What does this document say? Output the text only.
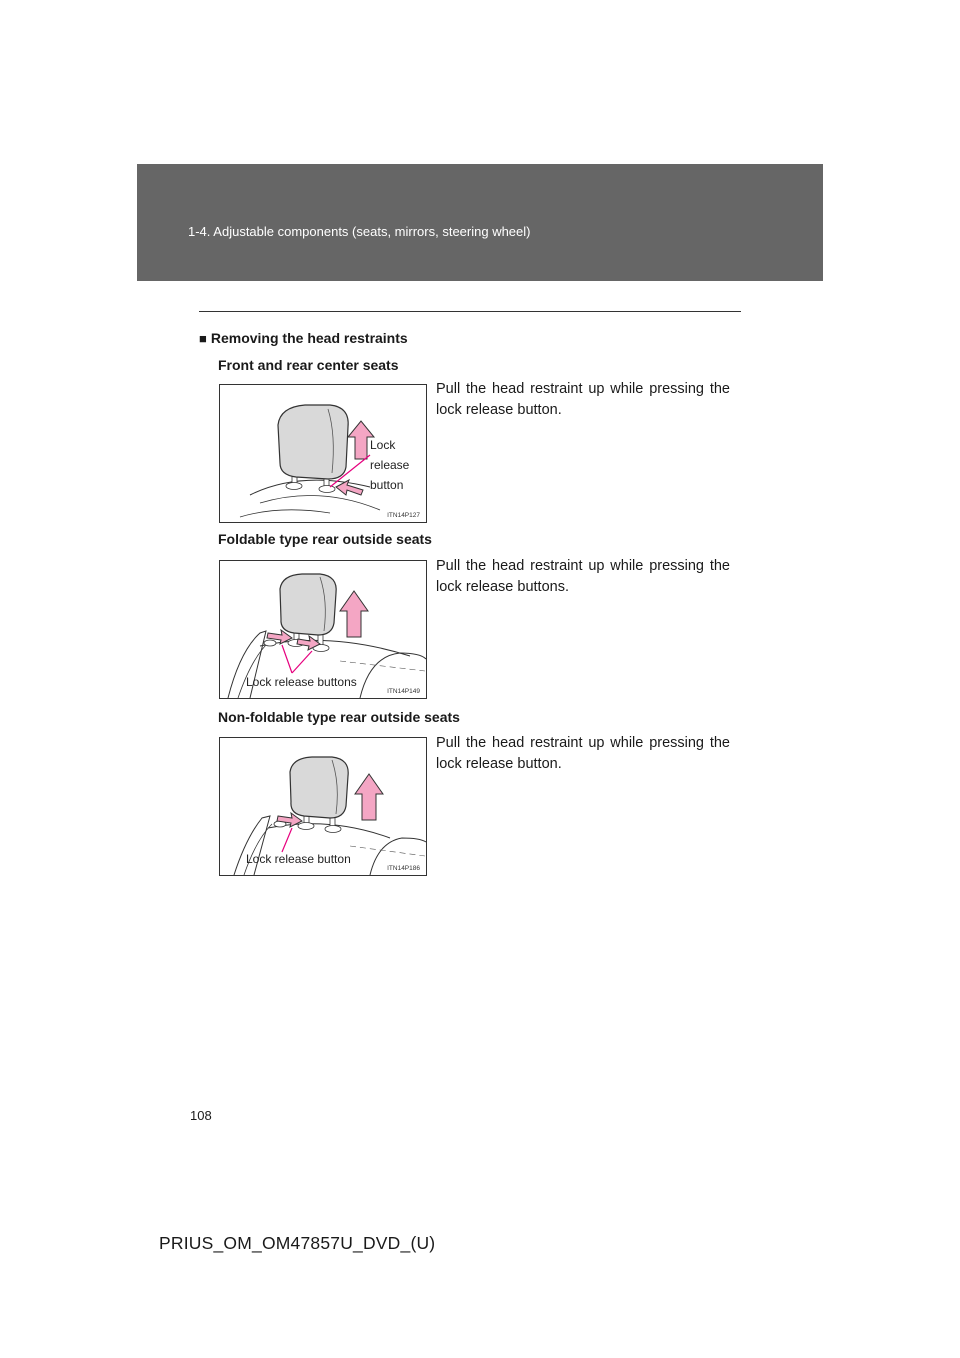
1-4. Adjustable components (seats, mirrors, steering wheel)
■ Removing the head restraints
Front and rear center seats
Pull the head restraint up while pressing the lock release button.
Lock release button
ITN14P127
Foldable type rear outside seats
Pull the head restraint up while pressing the lock release buttons.
Lock release buttons
ITN14P149
Non-foldable type rear outside seats
Pull the head restraint up while pressing the lock release button.
Lock release button
ITN14P186
108
PRIUS_OM_OM47857U_DVD_(U)
